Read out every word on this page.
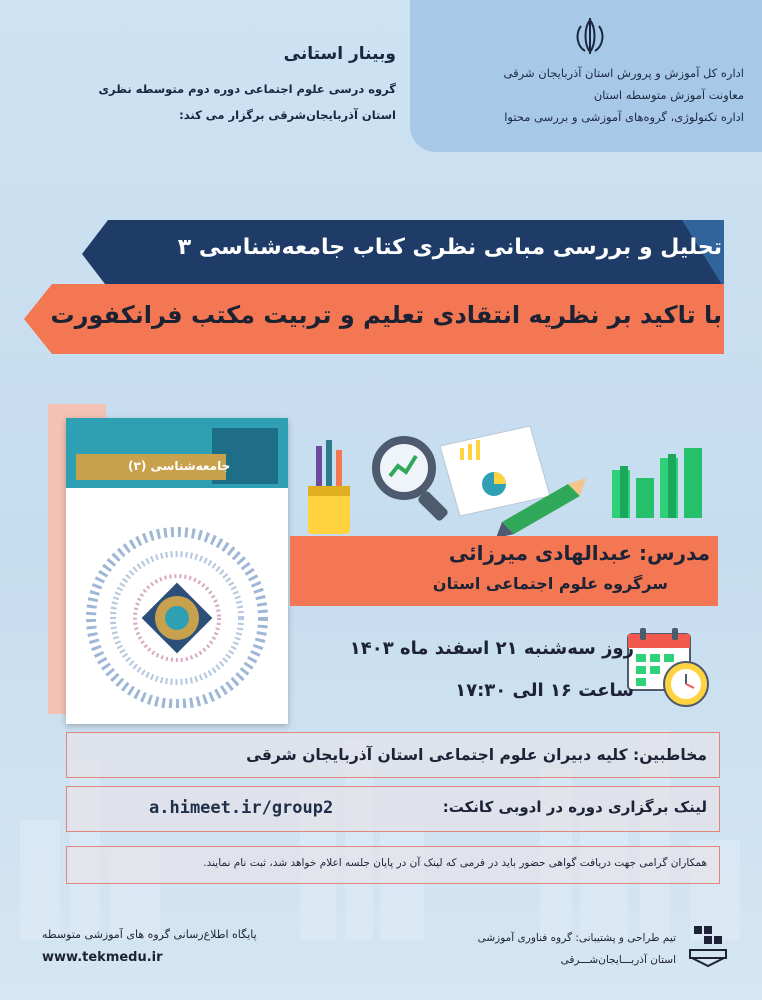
اداره کل آموزش و پرورش استان آذربایجان شرقی
معاونت آموزش متوسطه استان
اداره تکنولوژی، گروه‌های آموزشی و بررسی محتوا
وبینار استانی
گروه درسی علوم اجتماعی دوره دوم متوسطه نظری
استان آذربایجان‌شرقی برگزار می کند:
تحلیل و بررسی مبانی نظری کتاب جامعه‌شناسی ۳
با تاکید بر نظریه انتقادی تعلیم و تربیت مکتب فرانکفورت
جامعه‌شناسی (۳)
مدرس: عبدالهادی میرزائی
سرگروه علوم اجتماعی استان
روز سه‌شنبه ۲۱ اسفند ماه ۱۴۰۳
ساعت ۱۶ الی ۱۷:۳۰
مخاطبین: کلیه دبیران علوم اجتماعی استان آذربایجان شرقی
لینک برگزاری دوره در ادوبی کانکت:
a.himeet.ir/group2
همکاران گرامی جهت دریافت گواهی حضور باید در فرمی که لینک آن در پایان جلسه اعلام خواهد شد، ثبت نام نمایند.
تیم طراحی و پشتیبانی: گروه فناوری آموزشی
استان آذربـــایجان‌شـــرقی
پایگاه اطلاع‌رسانی گروه های آموزشی متوسطه
www.tekmedu.ir
